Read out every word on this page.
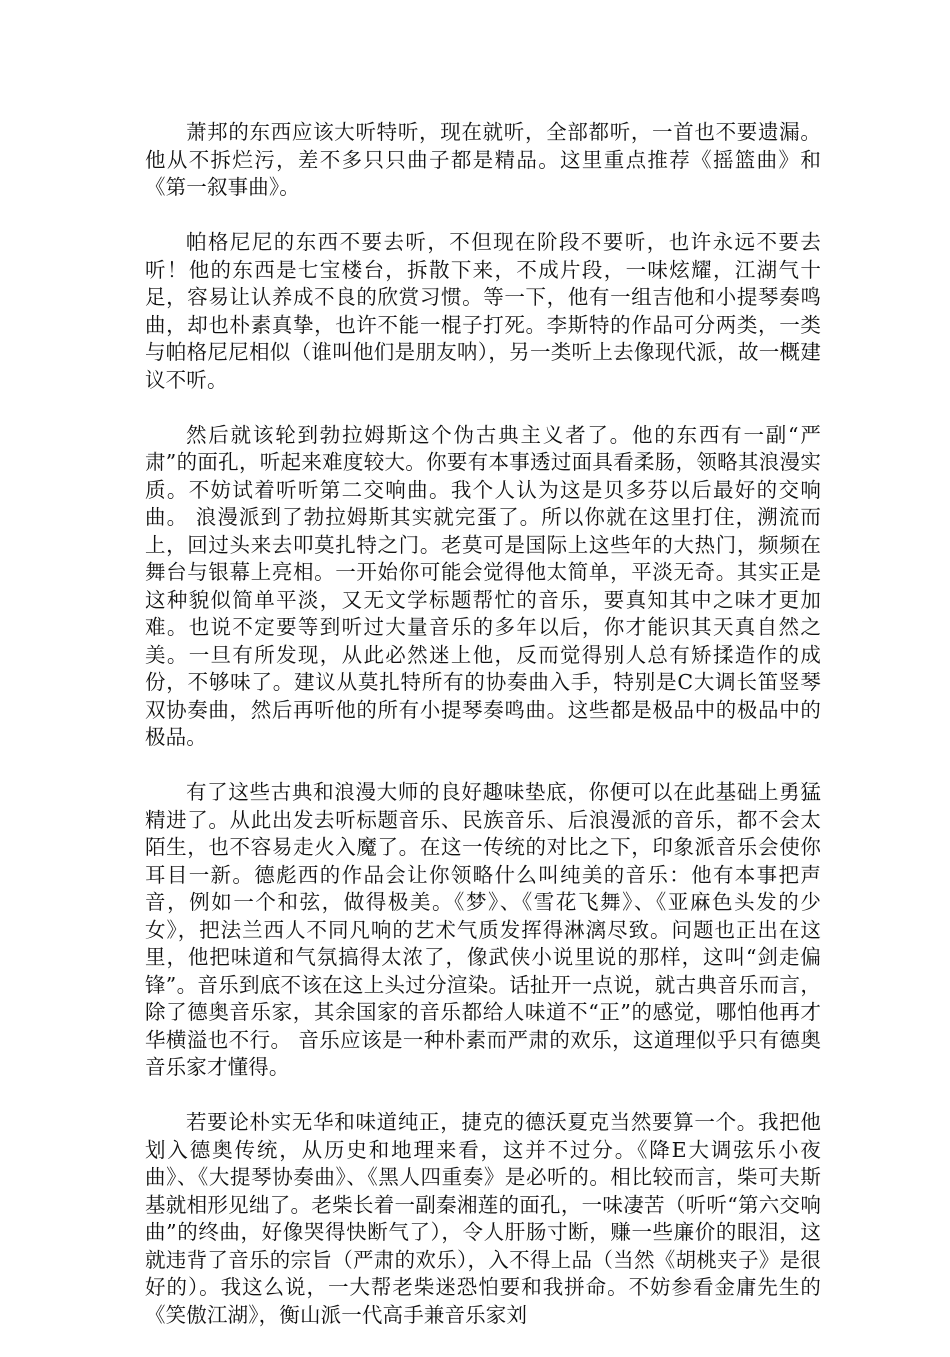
萧邦的东西应该大听特听，现在就听，全部都听，一首也不要遗漏。他从不拆烂污，差不多只只曲子都是精品。这里重点推荐《摇篮曲》和《第一叙事曲》。

帕格尼尼的东西不要去听，不但现在阶段不要听，也许永远不要去听！他的东西是七宝楼台，拆散下来，不成片段，一味炫耀，江湖气十足，容易让认养成不良的欣赏习惯。等一下，他有一组吉他和小提琴奏鸣曲，却也朴素真挚，也许不能一棍子打死。李斯特的作品可分两类，一类与帕格尼尼相似（谁叫他们是朋友呐），另一类听上去像现代派，故一概建议不听。

然后就该轮到勃拉姆斯这个伪古典主义者了。他的东西有一副“严肃”的面孔，听起来难度较大。你要有本事透过面具看柔肠，领略其浪漫实质。不妨试着听听第二交响曲。我个人认为这是贝多芬以后最好的交响曲。 浪漫派到了勃拉姆斯其实就完蛋了。所以你就在这里打住，溯流而上，回过头来去叩莫扎特之门。老莫可是国际上这些年的大热门，频频在舞台与银幕上亮相。一开始你可能会觉得他太简单，平淡无奇。其实正是这种貌似简单平淡，又无文学标题帮忙的音乐，要真知其中之味才更加难。也说不定要等到听过大量音乐的多年以后，你才能识其天真自然之美。一旦有所发现，从此必然迷上他，反而觉得别人总有矫揉造作的成份，不够味了。建议从莫扎特所有的协奏曲入手，特别是C大调长笛竖琴双协奏曲，然后再听他的所有小提琴奏鸣曲。这些都是极品中的极品中的极品。

有了这些古典和浪漫大师的良好趣味垫底，你便可以在此基础上勇猛精进了。从此出发去听标题音乐、民族音乐、后浪漫派的音乐，都不会太陌生，也不容易走火入魔了。在这一传统的对比之下，印象派音乐会使你耳目一新。德彪西的作品会让你领略什么叫纯美的音乐：他有本事把声音，例如一个和弦，做得极美。《梦》、《雪花飞舞》、《亚麻色头发的少女》，把法兰西人不同凡响的艺术气质发挥得淋漓尽致。问题也正出在这里，他把味道和气氛搞得太浓了，像武侠小说里说的那样，这叫“剑走偏锋”。音乐到底不该在这上头过分渲染。话扯开一点说，就古典音乐而言，除了德奥音乐家，其余国家的音乐都给人味道不“正”的感觉，哪怕他再才华横溢也不行。 音乐应该是一种朴素而严肃的欢乐，这道理似乎只有德奥音乐家才懂得。

若要论朴实无华和味道纯正，捷克的德沃夏克当然要算一个。我把他划入德奥传统，从历史和地理来看，这并不过分。《降E大调弦乐小夜曲》、《大提琴协奏曲》、《黑人四重奏》是必听的。相比较而言，柴可夫斯基就相形见绌了。老柴长着一副秦湘莲的面孔，一味凄苦（听听“第六交响曲”的终曲，好像哭得快断气了），令人肝肠寸断，赚一些廉价的眼泪，这就违背了音乐的宗旨（严肃的欢乐），入不得上品（当然《胡桃夹子》是很好的）。我这么说，一大帮老柴迷恐怕要和我拼命。不妨参看金庸先生的《笑傲江湖》，衡山派一代高手兼音乐家刘
